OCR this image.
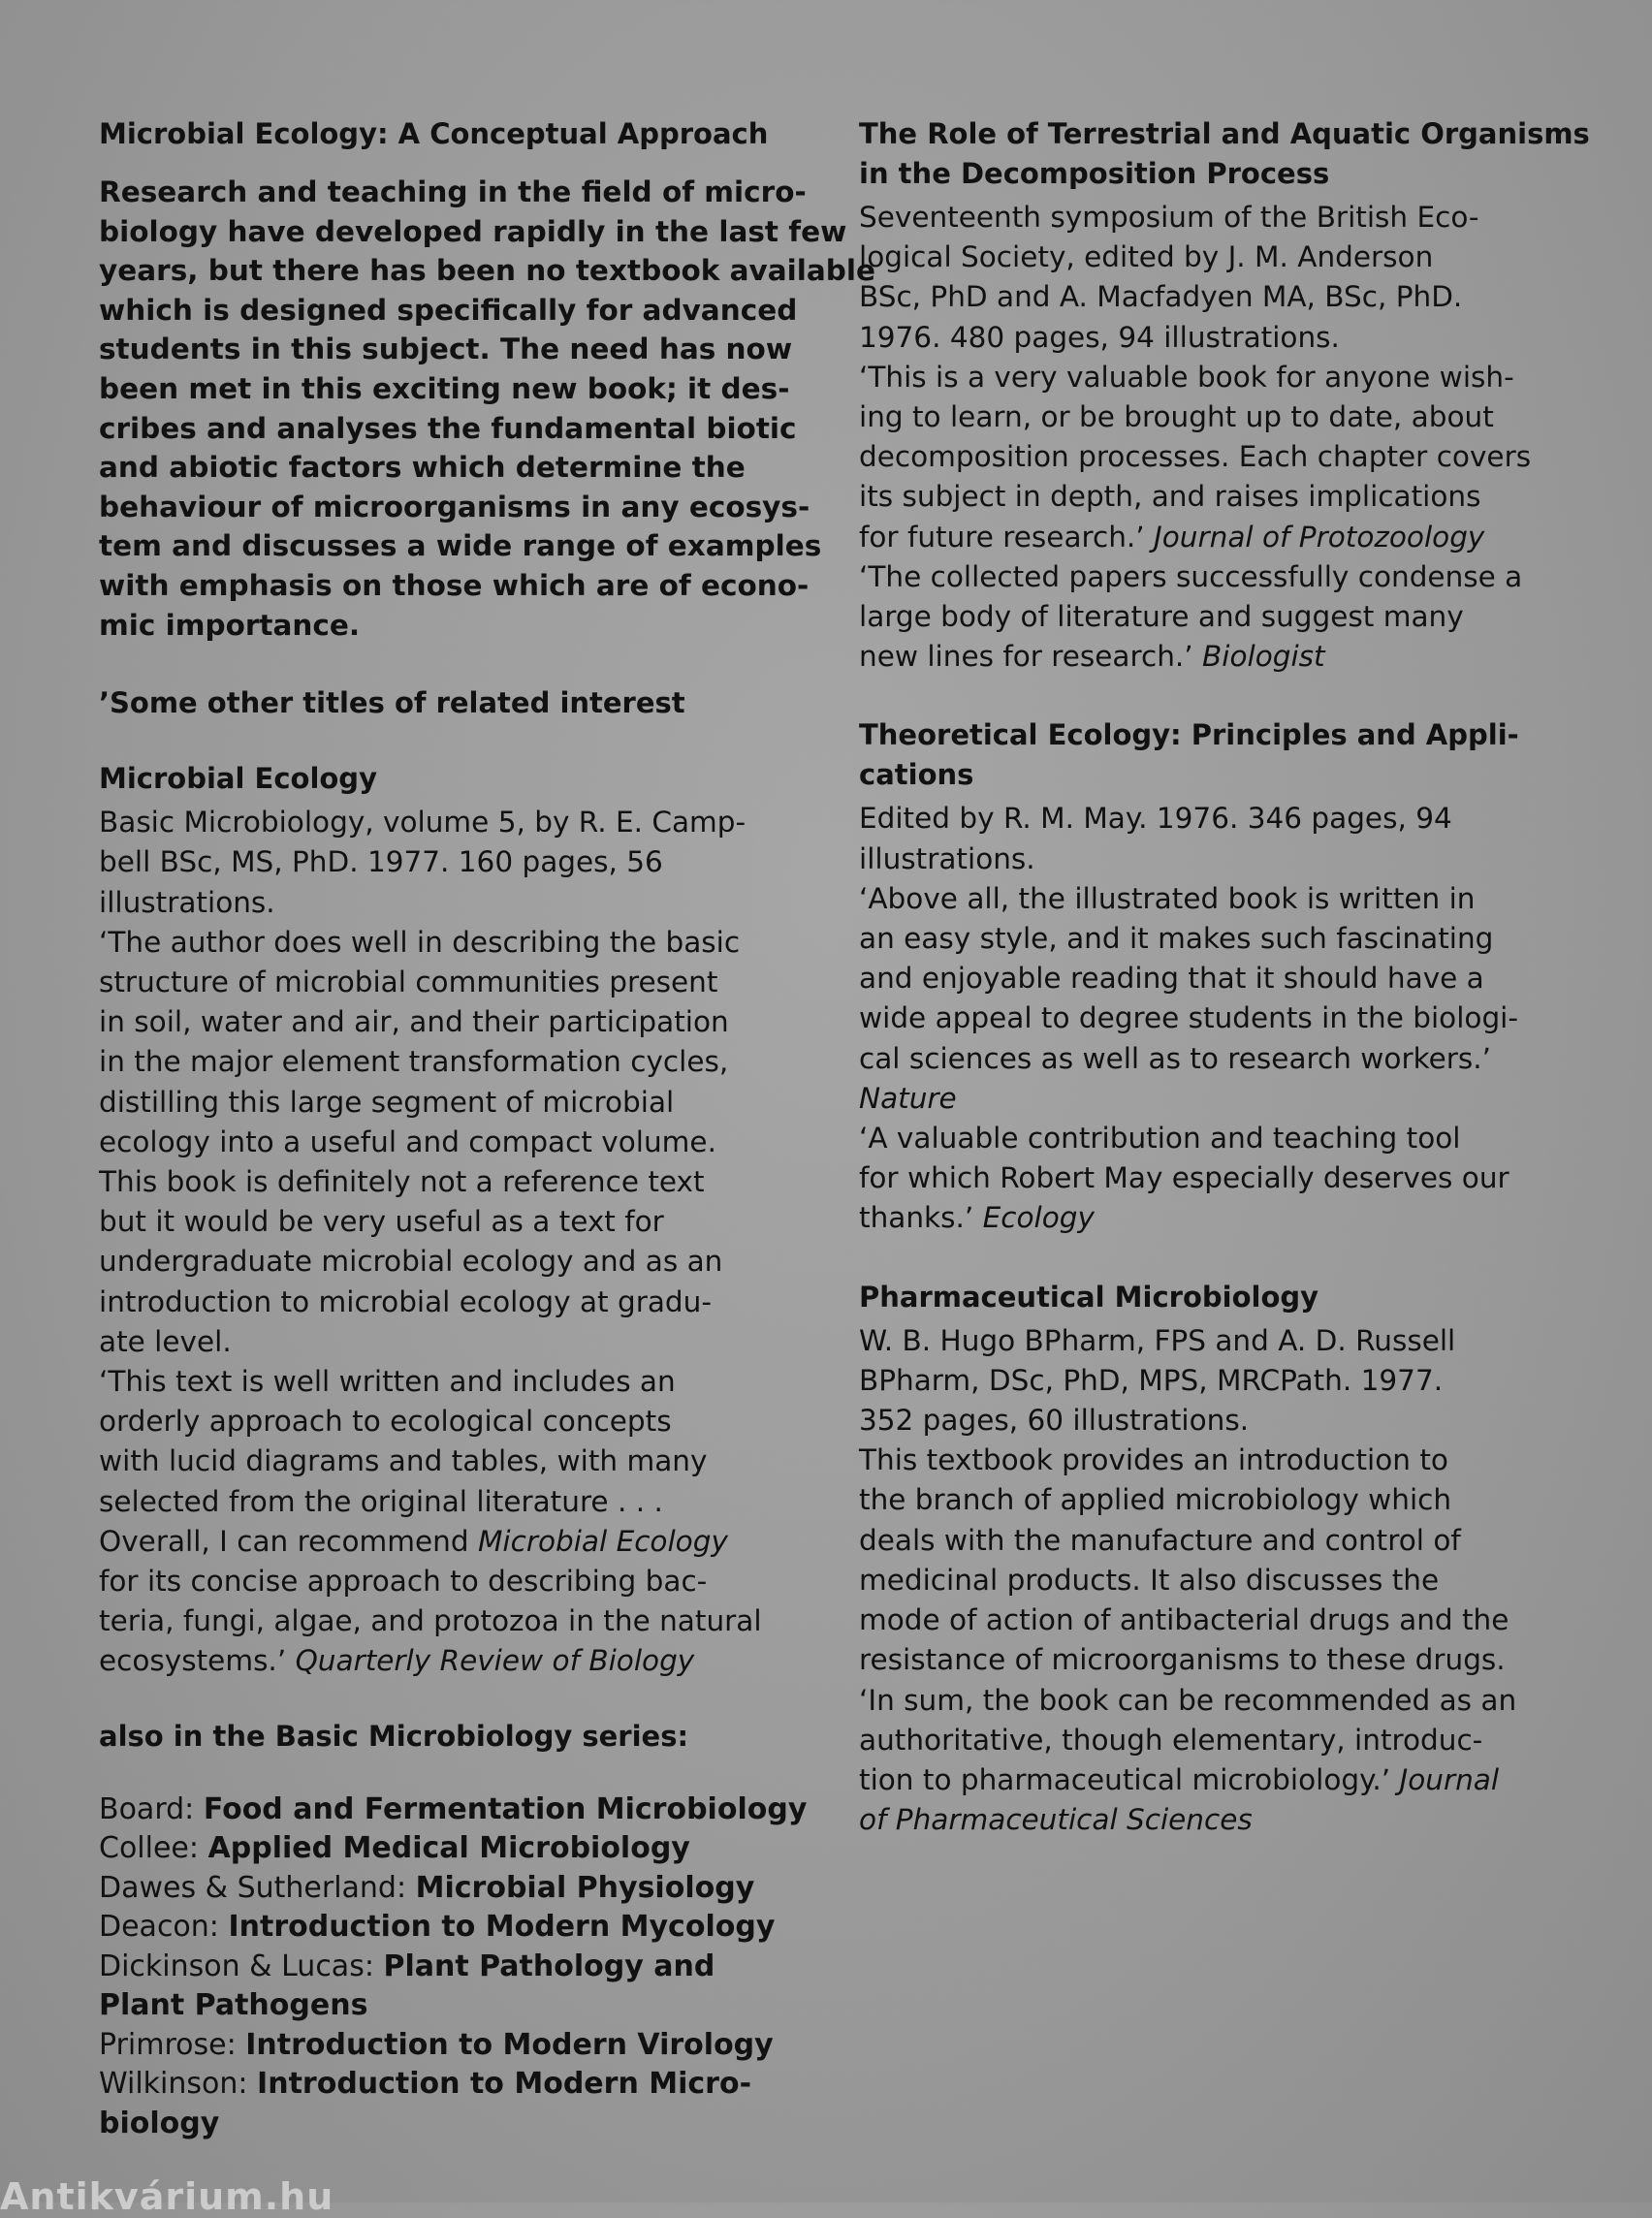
Microbial Ecology: A Conceptual Approach
Research and teaching in the field of micro-
biology have developed rapidly in the last few
years, but there has been no textbook available
which is designed specifically for advanced
students in this subject. The need has now
been met in this exciting new book; it des-
cribes and analyses the fundamental biotic
and abiotic factors which determine the
behaviour of microorganisms in any ecosys-
tem and discusses a wide range of examples
with emphasis on those which are of econo-
mic importance.
’Some other titles of related interest
Microbial Ecology
Basic Microbiology, volume 5, by R. E. Camp-
bell BSc, MS, PhD. 1977. 160 pages, 56
illustrations.
‘The author does well in describing the basic
structure of microbial communities present
in soil, water and air, and their participation
in the major element transformation cycles,
distilling this large segment of microbial
ecology into a useful and compact volume.
This book is definitely not a reference text
but it would be very useful as a text for
undergraduate microbial ecology and as an
introduction to microbial ecology at gradu-
ate level.
‘This text is well written and includes an
orderly approach to ecological concepts
with lucid diagrams and tables, with many
selected from the original literature . . .
Overall, I can recommend Microbial Ecology
for its concise approach to describing bac-
teria, fungi, algae, and protozoa in the natural
ecosystems.’ Quarterly Review of Biology
also in the Basic Microbiology series:
Board: Food and Fermentation Microbiology
Collee: Applied Medical Microbiology
Dawes & Sutherland: Microbial Physiology
Deacon: Introduction to Modern Mycology
Dickinson & Lucas: Plant Pathology and
Plant Pathogens
Primrose: Introduction to Modern Virology
Wilkinson: Introduction to Modern Micro-
biology
The Role of Terrestrial and Aquatic Organisms
in the Decomposition Process
Seventeenth symposium of the British Eco-
logical Society, edited by J. M. Anderson
BSc, PhD and A. Macfadyen MA, BSc, PhD.
1976. 480 pages, 94 illustrations.
‘This is a very valuable book for anyone wish-
ing to learn, or be brought up to date, about
decomposition processes. Each chapter covers
its subject in depth, and raises implications
for future research.’ Journal of Protozoology
‘The collected papers successfully condense a
large body of literature and suggest many
new lines for research.’ Biologist
Theoretical Ecology: Principles and Appli-
cations
Edited by R. M. May. 1976. 346 pages, 94
illustrations.
‘Above all, the illustrated book is written in
an easy style, and it makes such fascinating
and enjoyable reading that it should have a
wide appeal to degree students in the biologi-
cal sciences as well as to research workers.’
Nature
‘A valuable contribution and teaching tool
for which Robert May especially deserves our
thanks.’ Ecology
Pharmaceutical Microbiology
W. B. Hugo BPharm, FPS and A. D. Russell
BPharm, DSc, PhD, MPS, MRCPath. 1977.
352 pages, 60 illustrations.
This textbook provides an introduction to
the branch of applied microbiology which
deals with the manufacture and control of
medicinal products. It also discusses the
mode of action of antibacterial drugs and the
resistance of microorganisms to these drugs.
‘In sum, the book can be recommended as an
authoritative, though elementary, introduc-
tion to pharmaceutical microbiology.’ Journal
of Pharmaceutical Sciences
Antikvárium.hu
